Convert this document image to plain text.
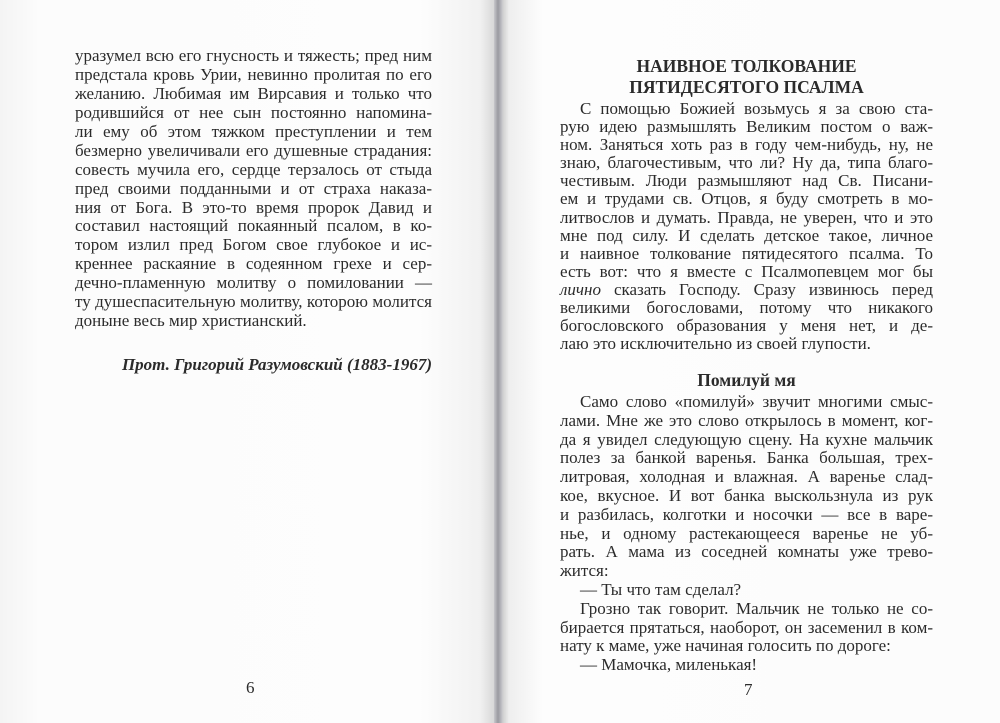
уразумел всю его гнусность и тяжесть; пред ним
предстала кровь Урии, невинно пролитая по его
желанию. Любимая им Вирсавия и только что
родившийся от нее сын постоянно напомина-
ли ему об этом тяжком преступлении и тем
безмерно увеличивали его душевные страдания:
совесть мучила его, сердце терзалось от стыда
пред своими подданными и от страха наказа-
ния от Бога. В это-то время пророк Давид и
составил настоящий покаянный псалом, в ко-
тором излил пред Богом свое глубокое и ис-
креннее раскаяние в содеянном грехе и сер-
дечно-пламенную молитву о помиловании —
ту душеспасительную молитву, которою молится
доныне весь мир христианский.
Прот. Григорий Разумовский (1883-1967)
6
НАИВНОЕ ТОЛКОВАНИЕ
ПЯТИДЕСЯТОГО ПСАЛМА
С помощью Божией возьмусь я за свою ста-
рую идею размышлять Великим постом о важ-
ном. Заняться хоть раз в году чем-нибудь, ну, не
знаю, благочестивым, что ли? Ну да, типа благо-
честивым. Люди размышляют над Св. Писани-
ем и трудами св. Отцов, я буду смотреть в мо-
литвослов и думать. Правда, не уверен, что и это
мне под силу. И сделать детское такое, личное
и наивное толкование пятидесятого псалма. То
есть вот: что я вместе с Псалмопевцем мог бы
лично сказать Господу. Сразу извинюсь перед
великими богословами, потому что никакого
богословского образования у меня нет, и де-
лаю это исключительно из своей глупости.
Помилуй мя
Само слово «помилуй» звучит многими смыс-
лами. Мне же это слово открылось в момент, ког-
да я увидел следующую сцену. На кухне мальчик
полез за банкой варенья. Банка большая, трех-
литровая, холодная и влажная. А варенье слад-
кое, вкусное. И вот банка выскользнула из рук
и разбилась, колготки и носочки — все в варе-
нье, и одному растекающееся варенье не уб-
рать. А мама из соседней комнаты уже трево-
жится:
— Ты что там сделал?
Грозно так говорит. Мальчик не только не со-
бирается прятаться, наоборот, он засеменил в ком-
нату к маме, уже начиная голосить по дороге:
— Мамочка, миленькая!
7
